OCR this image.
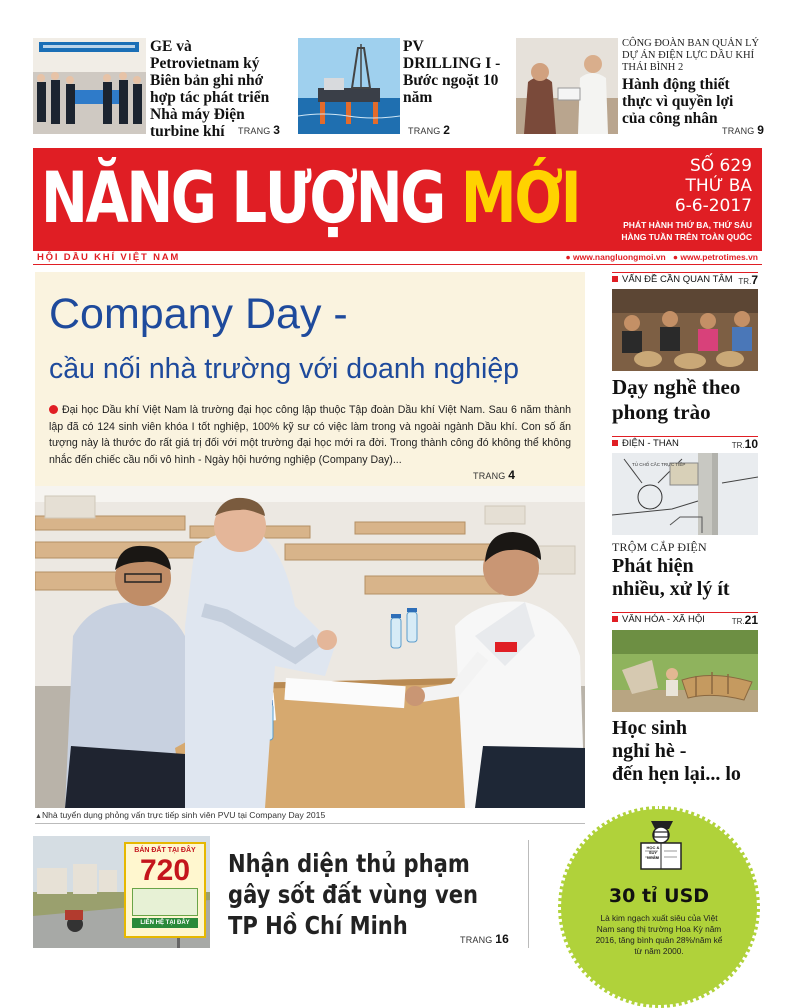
GE và Petrovietnam ký Biên bản ghi nhớ hợp tác phát triển Nhà máy Điện turbine khí	TRANG 3
PV DRILLING I - Bước ngoặt 10 năm
TRANG 2
CÔNG ĐOÀN BAN QUẢN LÝ DỰ ÁN ĐIỆN LỰC DẦU KHÍ THÁI BÌNH 2
Hành động thiết thực vì quyền lợi của công nhân
TRANG 9
NĂNG LƯỢNG MỚI	SỐ 629
THỨ BA
6-6-2017
PHÁT HÀNH THỨ BA, THỨ SÁU
HÀNG TUẦN TRÊN TOÀN QUỐC
HỘI DẦU KHÍ VIỆT NAM	● www.nangluongmoi.vn ● www.petrotimes.vn
Company Day -
cầu nối nhà trường với doanh nghiệp
Đại học Dầu khí Việt Nam là trường đại học công lập thuộc Tập đoàn Dầu khí Việt Nam. Sau 6 năm thành lập đã có 124 sinh viên khóa I tốt nghiệp, 100% kỹ sư có việc làm trong và ngoài ngành Dầu khí. Con số ấn tượng này là thước đo rất giá trị đối với một trường đại học mới ra đời. Trong thành công đó không thể không nhắc đến chiếc cầu nối vô hình - Ngày hội hướng nghiệp (Company Day)...
TRANG 4
▲Nhà tuyển dụng phỏng vấn trực tiếp sinh viên PVU tại Company Day 2015
VẤN ĐỀ CẦN QUAN TÂM TR.7
Dạy nghề theo
phong trào
ĐIỆN - THAN	TR.10
TỦ CHỐ CẮC TRỰC TIẾP
TRỘM CẮP ĐIỆN
Phát hiện
nhiều, xử lý ít
VĂN HÓA - XÃ HỘI	TR.21
Học sinh
nghỉ hè -
đến hẹn lại... lo
BÁN ĐẤT TẠI ĐÂY
720
LIÊN HỆ TẠI ĐÂY
Nhận diện thủ phạm
gây sốt đất vùng ven
TP Hồ Chí Minh	TRANG 16
HỌC & SUY NGẪM
30 tỉ USD
Là kim ngạch xuất siêu của Việt Nam sang thị trường Hoa Kỳ năm 2016, tăng bình quân 28%/năm kể từ năm 2000.
